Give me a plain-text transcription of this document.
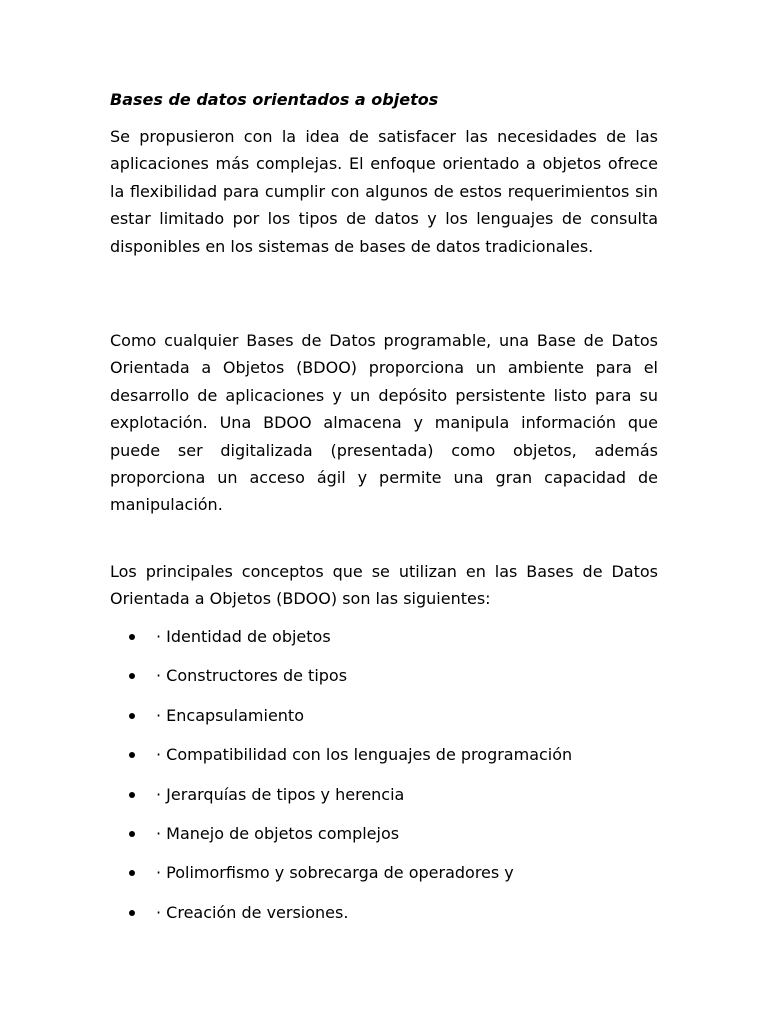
Bases de datos orientados a objetos

Se propusieron con la idea de satisfacer las necesidades de las aplicaciones más complejas. El enfoque orientado a objetos ofrece la flexibilidad para cumplir con algunos de estos requerimientos sin estar limitado por los tipos de datos y los lenguajes de consulta disponibles en los sistemas de bases de datos tradicionales.

Como cualquier Bases de Datos programable, una Base de Datos Orientada a Objetos (BDOO) proporciona un ambiente para el desarrollo de aplicaciones y un depósito persistente listo para su explotación. Una BDOO almacena y manipula información que puede ser digitalizada (presentada) como objetos, además proporciona un acceso ágil y permite una gran capacidad de manipulación.

Los principales conceptos que se utilizan en las Bases de Datos Orientada a Objetos (BDOO) son las siguientes:

· Identidad de objetos
· Constructores de tipos
· Encapsulamiento
· Compatibilidad con los lenguajes de programación
· Jerarquías de tipos y herencia
· Manejo de objetos complejos
· Polimorfismo y sobrecarga de operadores y
· Creación de versiones.
